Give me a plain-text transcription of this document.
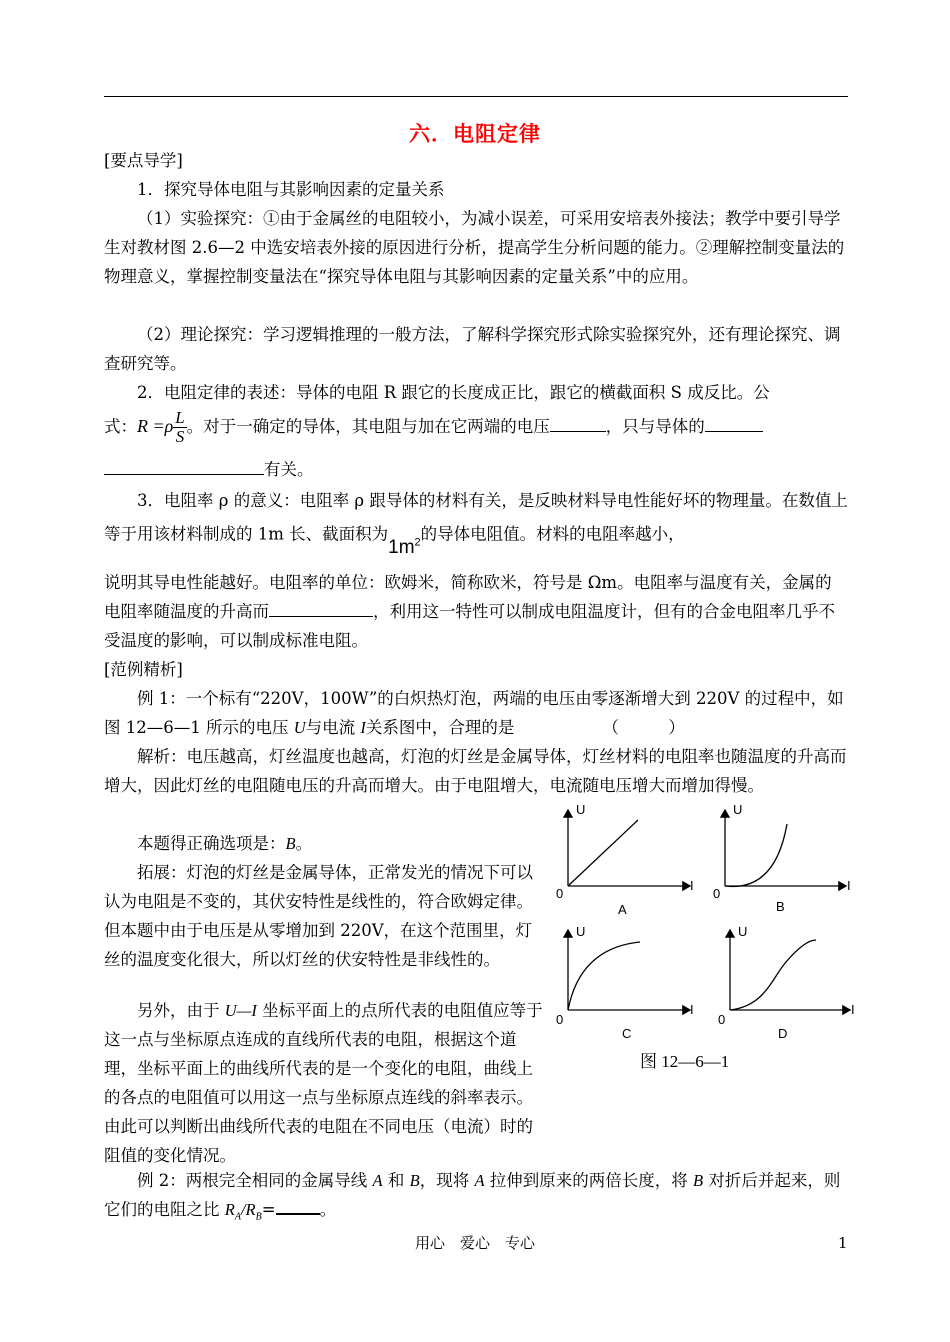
六．电阻定律

[要点导学]

1．探究导体电阻与其影响因素的定量关系

（1）实验探究：①由于金属丝的电阻较小，为减小误差，可采用安培表外接法；教学中要引导学生对教材图 2.6—2 中选安培表外接的原因进行分析，提高学生分析问题的能力。②理解控制变量法的物理意义，掌握控制变量法在“探究导体电阻与其影响因素的定量关系”中的应用。

（2）理论探究：学习逻辑推理的一般方法，了解科学探究形式除实验探究外，还有理论探究、调查研究等。

2．电阻定律的表述：导体的电阻 R 跟它的长度成正比，跟它的横截面积 S 成反比。公

式：$R =\rho \frac{L}{S}$ 。对于一确定的导体，其电阻与加在它两端的电压	，只与导体的
有关。

3．电阻率 ρ 的意义：电阻率 ρ 跟导体的材料有关，是反映材料导电性能好坏的物理量。在数值上等于用该材料制成的 1m 长、截面积为$1m^2$的导体电阻值。材料的电阻率越小，

说明其导电性能越好。电阻率的单位：欧姆米，简称欧米，符号是 Ωm。电阻率与温度有关，金属的电阻率随温度的升高而	，利用这一特性可以制成电阻温度计，但有的合金电阻率几乎不受温度的影响，可以制成标准电阻。

[范例精析]

例 1：一个标有“220V，100W”的白炽热灯泡，两端的电压由零逐渐增大到 220V 的过程中，如图 12—6—1 所示的电压 U与电流 I关系图中，合理的是	（　　　）

解析：电压越高，灯丝温度也越高，灯泡的灯丝是金属导体，灯丝材料的电阻率也随温度的升高而增大，因此灯丝的电阻随电压的升高而增大。由于电阻增大，电流随电压增大而增加得慢。

本题得正确选项是：B。

拓展：灯泡的灯丝是金属导体，正常发光的情况下可以认为电阻是不变的，其伏安特性是线性的，符合欧姆定律。但本题中由于电压是从零增加到 220V，在这个范围里，灯丝的温度变化很大，所以灯丝的伏安特性是非线性的。

另外，由于 U—I 坐标平面上的点所代表的电阻值应等于这一点与坐标原点连成的直线所代表的电阻，根据这个道理，坐标平面上的曲线所代表的是一个变化的电阻，曲线上的各点的电阻值可以用这一点与坐标原点连线的斜率表示。由此可以判断出曲线所代表的电阻在不同电压（电流）时的阻值的变化情况。

例 2：两根完全相同的金属导线 A 和 B，现将 A 拉伸到原来的两倍长度，将 B 对折后并起来，则它们的电阻之比 $R_A/R_B=$	。

U
I
0
A
U
I
0
B
U
I
0
C
U
I
0
D
图 12—6—1
用心　爱心　专心	1
